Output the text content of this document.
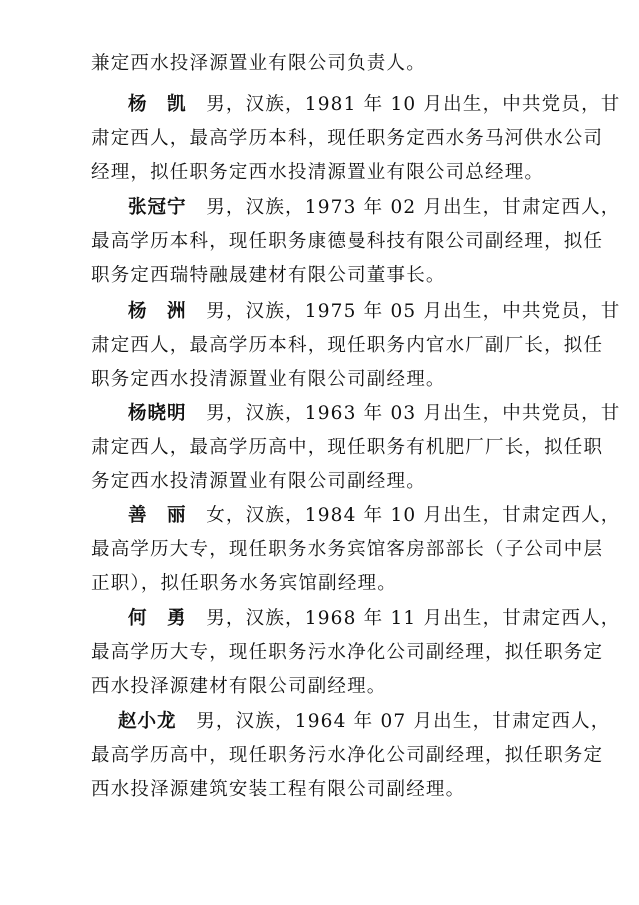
兼定西水投泽源置业有限公司负责人。
杨　凯　 男，汉族，1981 年 10 月出生，中共党员，甘
肃定西人，最高学历本科，现任职务定西水务马河供水公司
经理，拟任职务定西水投清源置业有限公司总经理。
张冠宁　 男，汉族，1973 年 02 月出生，甘肃定西人，
最高学历本科，现任职务康德曼科技有限公司副经理，拟任
职务定西瑞特融晟建材有限公司董事长。
杨　洲　 男，汉族，1975 年 05 月出生，中共党员，甘
肃定西人，最高学历本科，现任职务内官水厂副厂长，拟任
职务定西水投清源置业有限公司副经理。
杨晓明　 男，汉族，1963 年 03 月出生，中共党员，甘
肃定西人，最高学历高中，现任职务有机肥厂厂长，拟任职
务定西水投清源置业有限公司副经理。
善　丽　 女，汉族，1984 年 10 月出生，甘肃定西人，
最高学历大专，现任职务水务宾馆客房部部长（子公司中层
正职），拟任职务水务宾馆副经理。
何　勇　 男，汉族，1968 年 11 月出生，甘肃定西人，
最高学历大专，现任职务污水净化公司副经理，拟任职务定
西水投泽源建材有限公司副经理。
赵小龙　 男，汉族，1964 年 07 月出生，甘肃定西人，
最高学历高中，现任职务污水净化公司副经理，拟任职务定
西水投泽源建筑安装工程有限公司副经理。
